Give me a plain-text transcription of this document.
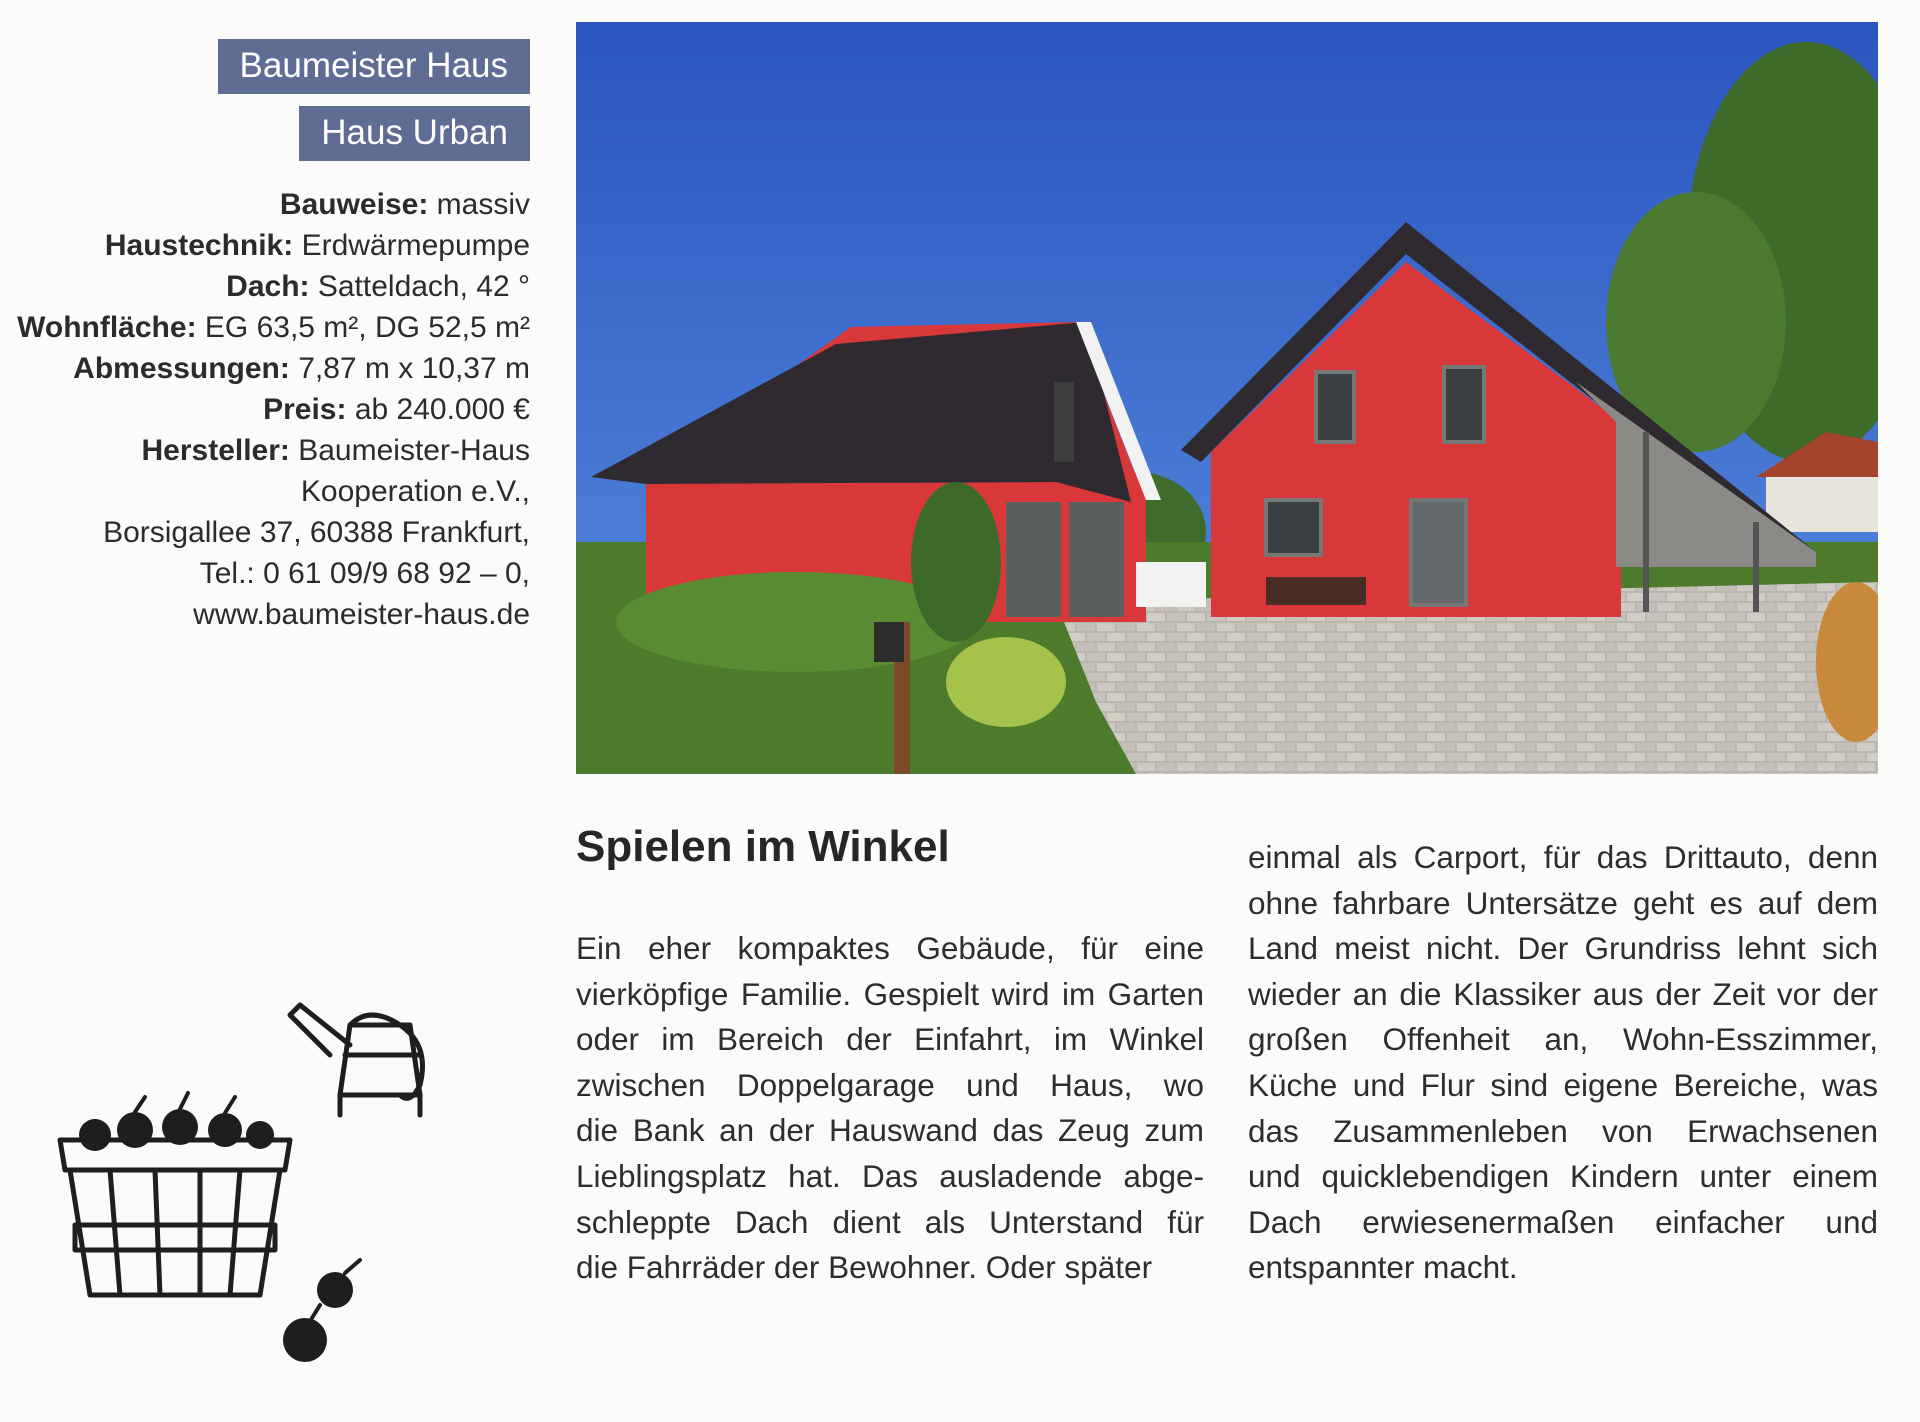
Baumeister Haus
Haus Urban
Bauweise: massiv
Haustechnik: Erdwärmepumpe
Dach: Satteldach, 42 °
Wohnfläche: EG 63,5 m², DG 52,5 m²
Abmessungen: 7,87 m x 10,37 m
Preis: ab 240.000 €
Hersteller: Baumeister-Haus
Kooperation e.V.,
Borsigallee 37, 60388 Frankfurt,
Tel.: 0 61 09/9 68 92 – 0,
www.baumeister-haus.de
Spielen im Winkel

Ein eher kompaktes Gebäude, für eine
vierköpfige Familie. Gespielt wird im Garten
oder im Bereich der Einfahrt, im Winkel
zwischen Doppelgarage und Haus, wo
die Bank an der Hauswand das Zeug zum
Lieblingsplatz hat. Das ausladende abge-
schleppte Dach dient als Unterstand für
die Fahrräder der Bewohner. Oder später

einmal als Carport, für das Drittauto, denn
ohne fahrbare Untersätze geht es auf dem
Land meist nicht. Der Grundriss lehnt sich
wieder an die Klassiker aus der Zeit vor der
großen Offenheit an, Wohn-Esszimmer,
Küche und Flur sind eigene Bereiche, was
das Zusammenleben von Erwachsenen
und quicklebendigen Kindern unter einem
Dach erwiesenermaßen einfacher und
entspannter macht.
